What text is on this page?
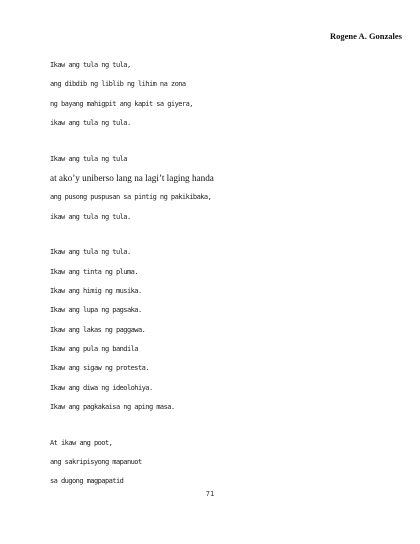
Rogene A. Gonzales
Ikaw ang tula ng tula,
ang dibdib ng liblib ng lihim na zona
ng bayang mahigpit ang kapit sa giyera,
ikaw ang tula ng tula.
Ikaw ang tula ng tula
at ako’y uniberso lang na lagi’t laging handa
ang pusong puspusan sa pintig ng pakikibaka,
ikaw ang tula ng tula.
Ikaw ang tula ng tula.
Ikaw ang tinta ng pluma.
Ikaw ang himig ng musika.
Ikaw ang lupa ng pagsaka.
Ikaw ang lakas ng paggawa.
Ikaw ang pula ng bandila
Ikaw ang sigaw ng protesta.
Ikaw ang diwa ng ideolohiya.
Ikaw ang pagkakaisa ng aping masa.
At ikaw ang poot,
ang sakripisyong mapanuot
sa dugong magpapatid
71
